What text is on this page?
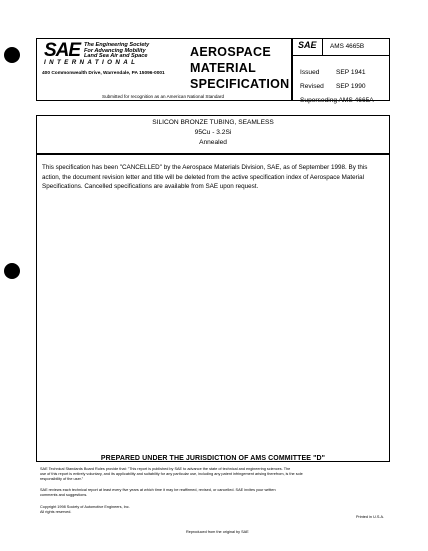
SAE The Engineering Society
For Advancing Mobility
Land Sea Air and Space
INTERNATIONAL
400 Commonwealth Drive, Warrendale, PA 15096-0001
AEROSPACE
MATERIAL
SPECIFICATION
Submitted for recognition as an American National Standard
SAE AMS 4665B
Issued	SEP 1941
Revised SEP 1990
Superseding AMS 4665A
SILICON BRONZE TUBING, SEAMLESS
95Cu - 3.2Si
Annealed
This specification has been "CANCELLED" by the Aerospace Materials Division, SAE, as of September 1998. By this action, the document revision letter and title will be deleted from the active specification index of Aerospace Material Specifications. Cancelled specifications are available from SAE upon request.
PREPARED UNDER THE JURISDICTION OF AMS COMMITTEE "D"
SAE Technical Standards Board Rules provide that: "This report is published by SAE to advance the state of technical and engineering sciences. The
use of this report is entirely voluntary, and its applicability and suitability for any particular use, including any patent infringement arising therefrom, is the sole
responsibility of the user."
SAE reviews each technical report at least every five years at which time it may be reaffirmed, revised, or cancelled. SAE invites your written
comments and suggestions.
Copyright 1998 Society of Automotive Engineers, Inc.
All rights reserved.
Printed in U.S.A.
Reproduced from the original by SAE
